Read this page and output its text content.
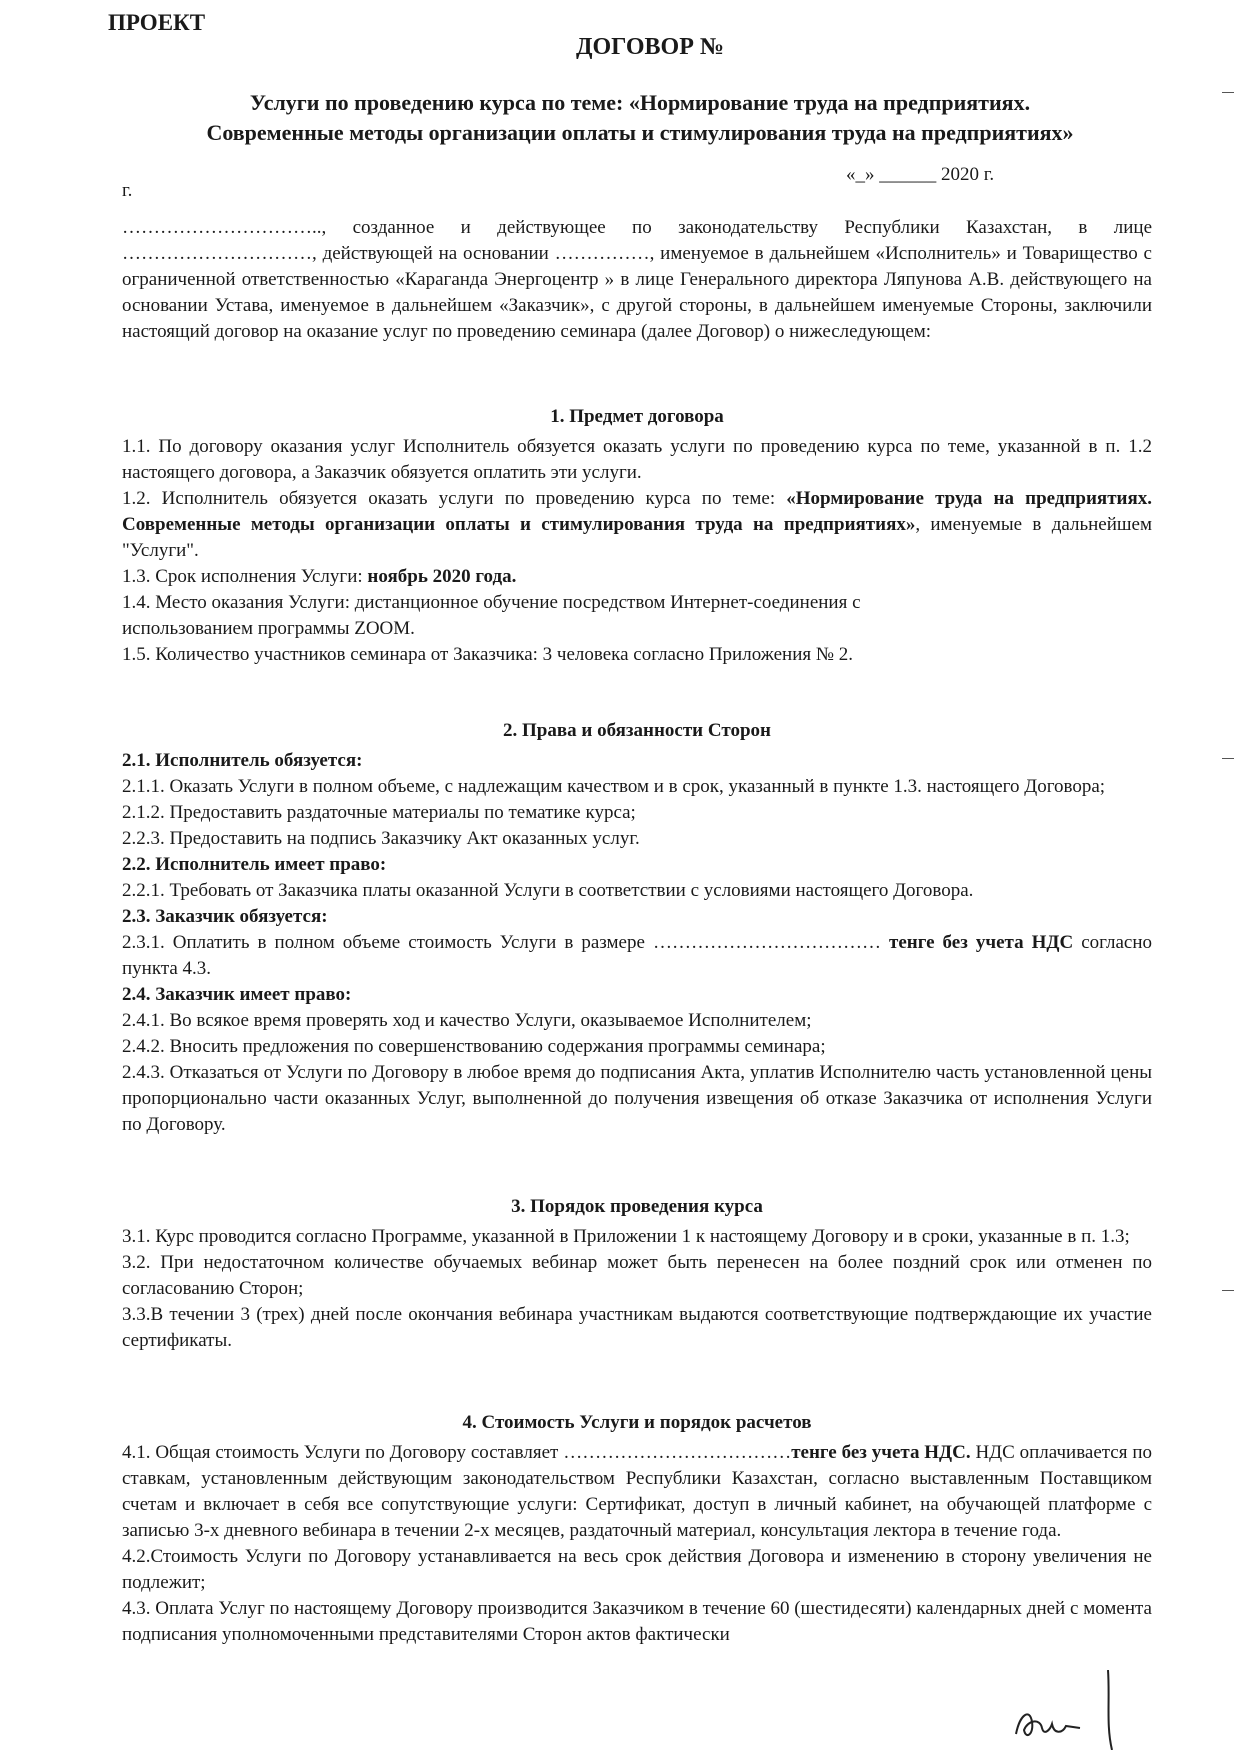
ПРОЕКТ
ДОГОВОР №
Услуги по проведению курса по теме: «Нормирование труда на предприятиях.
Современные методы организации оплаты и стимулирования труда на предприятиях»
г.
«_» ______ 2020 г.
………………………….., созданное и действующее по законодательству Республики Казахстан, в лице …………………………, действующей на основании ……………, именуемое в дальнейшем «Исполнитель» и Товарищество с ограниченной ответственностью «Караганда Энергоцентр » в лице Генерального директора Ляпунова А.В. действующего на основании Устава, именуемое в дальнейшем «Заказчик», с другой стороны, в дальнейшем именуемые Стороны, заключили настоящий договор на оказание услуг по проведению семинара (далее Договор) о нижеследующем:
1. Предмет договора

1.1. По договору оказания услуг Исполнитель обязуется оказать услуги по проведению курса по теме, указанной в п. 1.2 настоящего договора, а Заказчик обязуется оплатить эти услуги.

1.2. Исполнитель обязуется оказать услуги по проведению курса по теме: «Нормирование труда на предприятиях. Современные методы организации оплаты и стимулирования труда на предприятиях», именуемые в дальнейшем "Услуги".

1.3. Срок исполнения Услуги: ноябрь 2020 года.

1.4. Место оказания Услуги: дистанционное обучение посредством Интернет-соединения с
использованием программы ZOOM.

1.5. Количество участников семинара от Заказчика: 3 человека согласно Приложения № 2.

2. Права и обязанности Сторон

2.1. Исполнитель обязуется:

2.1.1. Оказать Услуги в полном объеме, с надлежащим качеством и в срок, указанный в пункте 1.3. настоящего Договора;

2.1.2. Предоставить раздаточные материалы по тематике курса;

2.2.3. Предоставить на подпись Заказчику Акт оказанных услуг.

2.2. Исполнитель имеет право:

2.2.1. Требовать от Заказчика платы оказанной Услуги в соответствии с условиями настоящего Договора.

2.3. Заказчик обязуется:

2.3.1. Оплатить в полном объеме стоимость Услуги в размере ……………………………… тенге без учета НДС согласно пункта 4.3.

2.4. Заказчик имеет право:

2.4.1. Во всякое время проверять ход и качество Услуги, оказываемое Исполнителем;

2.4.2. Вносить предложения по совершенствованию содержания программы семинара;

2.4.3. Отказаться от Услуги по Договору в любое время до подписания Акта, уплатив Исполнителю часть установленной цены пропорционально части оказанных Услуг, выполненной до получения извещения об отказе Заказчика от исполнения Услуги по Договору.

3. Порядок проведения курса

3.1. Курс проводится согласно Программе, указанной в Приложении 1 к настоящему Договору и в сроки, указанные в п. 1.3;

3.2. При недостаточном количестве обучаемых вебинар может быть перенесен на более поздний срок или отменен по согласованию Сторон;

3.3.В течении 3 (трех) дней после окончания вебинара участникам выдаются соответствующие подтверждающие их участие сертификаты.

4. Стоимость Услуги и порядок расчетов

4.1. Общая стоимость Услуги по Договору составляет ………………………………тенге без учета НДС. НДС оплачивается по ставкам, установленным действующим законодательством Республики Казахстан, согласно выставленным Поставщиком счетам и включает в себя все сопутствующие услуги: Сертификат, доступ в личный кабинет, на обучающей платформе с записью 3-х дневного вебинара в течении 2-х месяцев, раздаточный материал, консультация лектора в течение года.

4.2.Стоимость Услуги по Договору устанавливается на весь срок действия Договора и изменению в сторону увеличения не подлежит;

4.3. Оплата Услуг по настоящему Договору производится Заказчиком в течение 60 (шестидесяти) календарных дней с момента подписания уполномоченными представителями Сторон актов фактически
